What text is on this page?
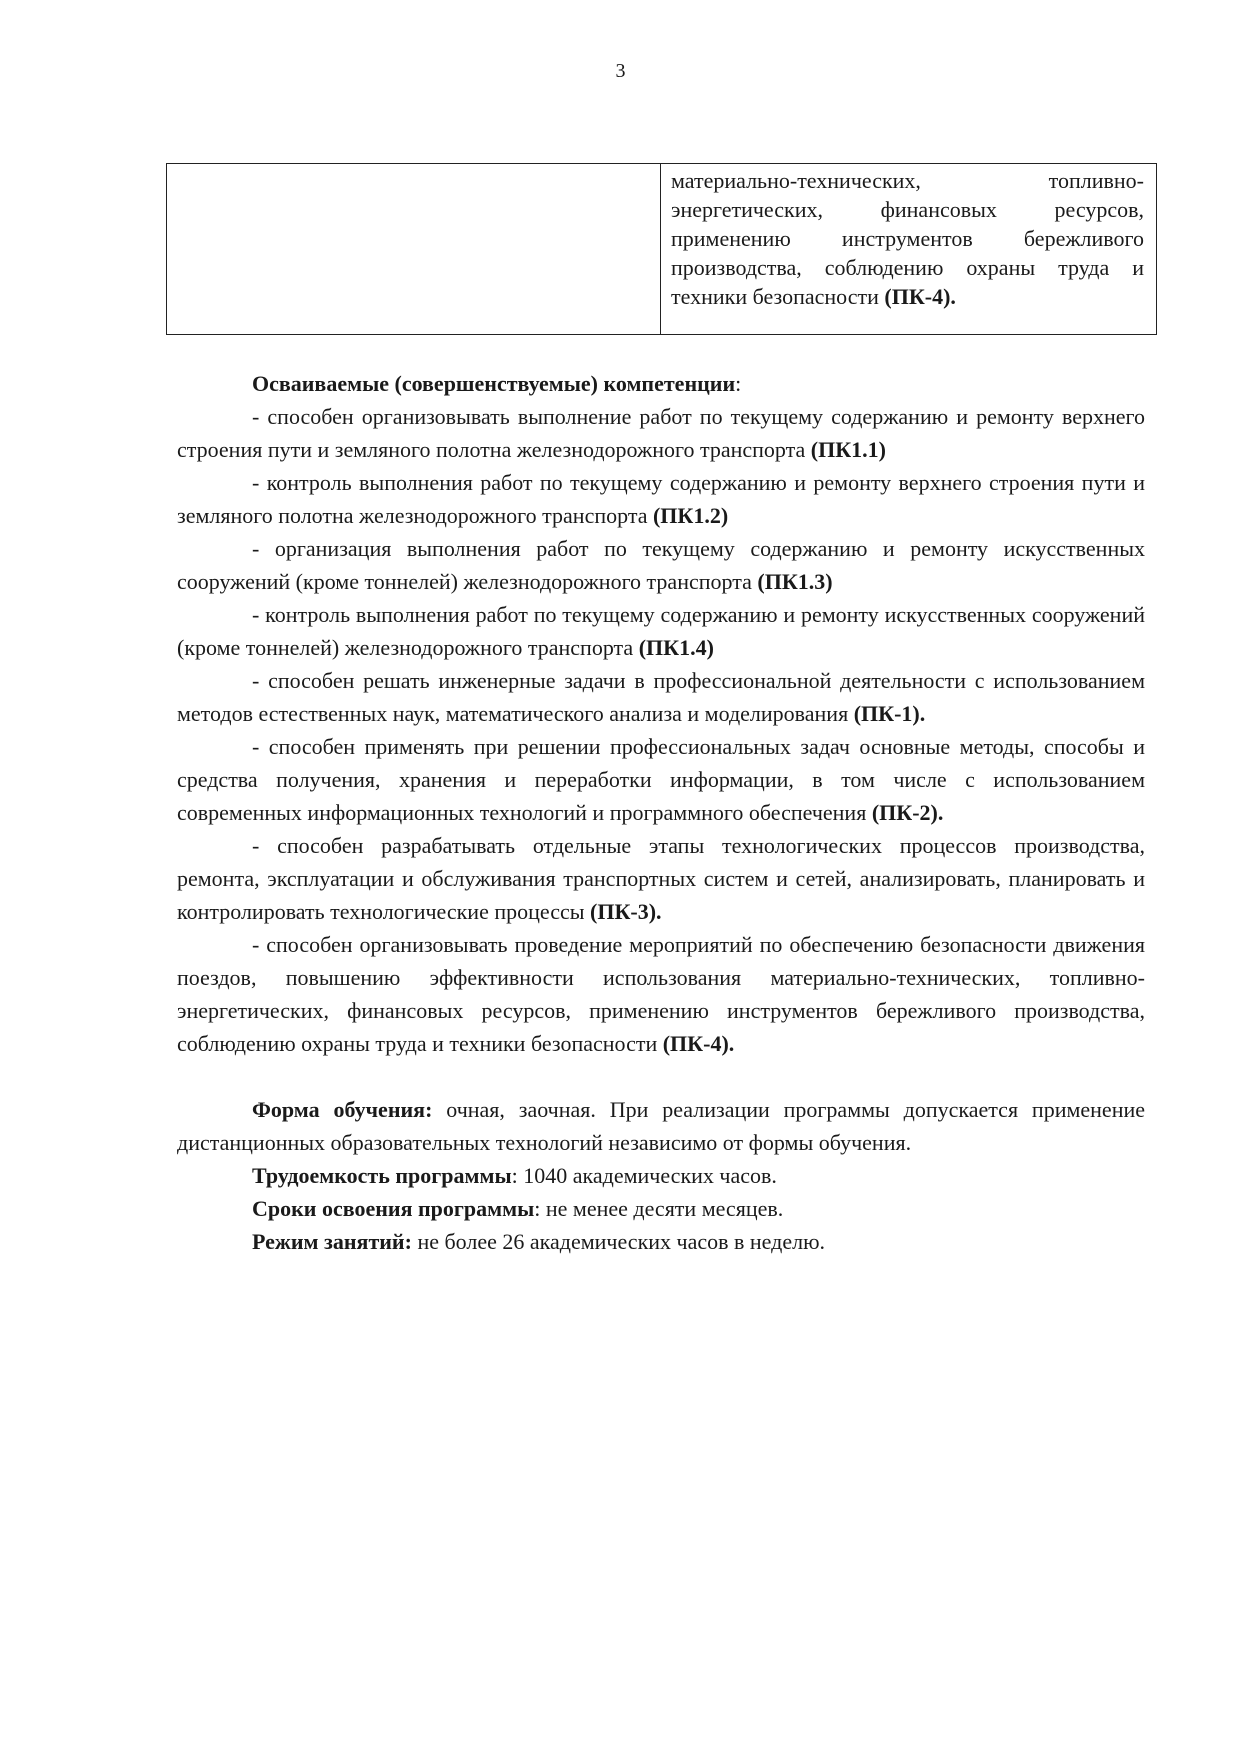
3
материально-технических, топливно-энергетических, финансовых ресурсов, применению инструментов бережливого производства, соблюдению охраны труда и техники безопасности (ПК-4).

Осваиваемые (совершенствуемые) компетенции:

- способен организовывать выполнение работ по текущему содержанию и ремонту верхнего строения пути и земляного полотна железнодорожного транспорта (ПК1.1)

- контроль выполнения работ по текущему содержанию и ремонту верхнего строения пути и земляного полотна железнодорожного транспорта (ПК1.2)

- организация выполнения работ по текущему содержанию и ремонту искусственных сооружений (кроме тоннелей) железнодорожного транспорта (ПК1.3)

- контроль выполнения работ по текущему содержанию и ремонту искусственных сооружений (кроме тоннелей) железнодорожного транспорта (ПК1.4)

- способен решать инженерные задачи в профессиональной деятельности с использованием методов естественных наук, математического анализа и моделирования (ПК-1).

- способен применять при решении профессиональных задач основные методы, способы и средства получения, хранения и переработки информации, в том числе с использованием современных информационных технологий и программного обеспечения (ПК-2).

- способен разрабатывать отдельные этапы технологических процессов производства, ремонта, эксплуатации и обслуживания транспортных систем и сетей, анализировать, планировать и контролировать технологические процессы (ПК-3).

- способен организовывать проведение мероприятий по обеспечению безопасности движения поездов, повышению эффективности использования материально-технических, топливно-энергетических, финансовых ресурсов, применению инструментов бережливого производства, соблюдению охраны труда и техники безопасности (ПК-4).

Форма обучения: очная, заочная. При реализации программы допускается применение дистанционных образовательных технологий независимо от формы обучения.

Трудоемкость программы: 1040 академических часов.

Сроки освоения программы: не менее десяти месяцев.

Режим занятий: не более 26 академических часов в неделю.
